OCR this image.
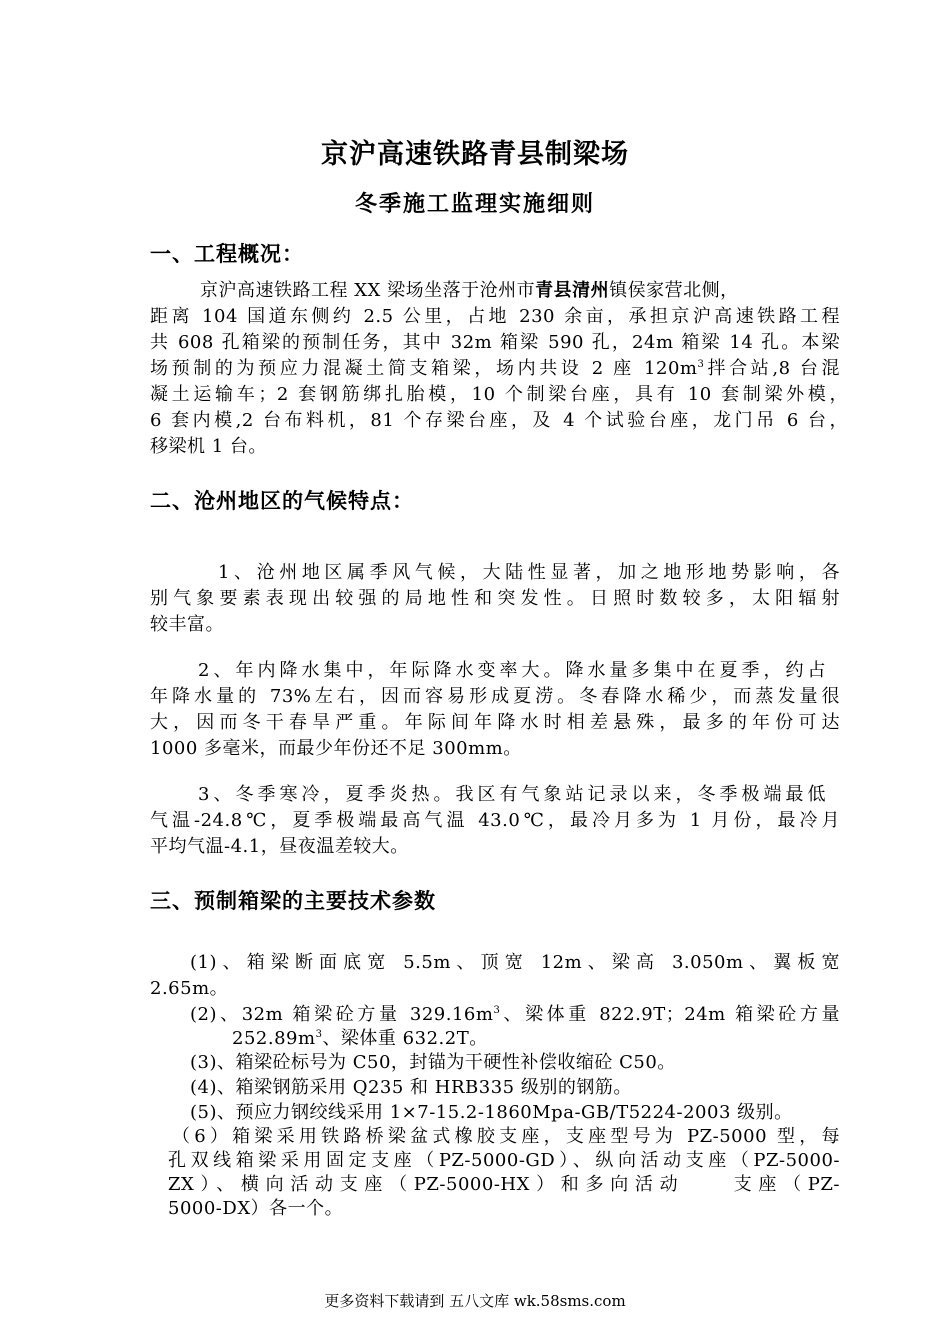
京沪高速铁路青县制梁场
冬季施工监理实施细则
一、工程概况：
京沪高速铁路工程 XX 梁场坐落于沧州市青县清州镇侯家营北侧，
距离 104 国道东侧约 2.5 公里，占地 230 余亩，承担京沪高速铁路工程
共 608 孔箱梁的预制任务，其中 32m 箱梁 590 孔，24m 箱梁 14 孔。本梁
场预制的为预应力混凝土简支箱梁，场内共设 2 座 $120m^3$拌合站,8 台混
凝土运输车；2 套钢筋绑扎胎模，10 个制梁台座，具有 10 套制梁外模，
6 套内模,2 台布料机，81 个存梁台座，及 4 个试验台座，龙门吊 6 台，
移梁机 1 台。
二、沧州地区的气候特点：
1、沧州地区属季风气候，大陆性显著，加之地形地势影响，各
别气象要素表现出较强的局地性和突发性。日照时数较多，太阳辐射
较丰富。
2、年内降水集中，年际降水变率大。降水量多集中在夏季，约占
年降水量的 73%左右，因而容易形成夏涝。冬春降水稀少，而蒸发量很
大，因而冬干春旱严重。年际间年降水时相差悬殊，最多的年份可达
1000 多毫米，而最少年份还不足 300mm。
3、冬季寒冷，夏季炎热。我区有气象站记录以来，冬季极端最低
气温-24.8℃，夏季极端最高气温 43.0℃，最冷月多为 1 月份，最冷月
平均气温-4.1，昼夜温差较大。
三、预制箱梁的主要技术参数
(1)、箱梁断面底宽 5.5m、顶宽 12m、梁高 3.050m、翼板宽
2.65m。
(2)、32m 箱梁砼方量 $329.16m^3$、梁体重 822.9T；24m 箱梁砼方量
$252.89m^3$、梁体重 632.2T。
(3)、箱梁砼标号为 C50，封锚为干硬性补偿收缩砼 C50。
(4)、箱梁钢筋采用 Q235 和 HRB335 级别的钢筋。
(5)、预应力钢绞线采用 1×7-15.2-1860Mpa-GB/T5224-2003 级别。
（6）箱梁采用铁路桥梁盆式橡胶支座，支座型号为 PZ-5000 型，每
孔双线箱梁采用固定支座（PZ-5000-GD）、纵向活动支座（PZ-5000-
ZX）、横向活动支座（PZ-5000-HX）和多向活动　　支座（PZ-
5000-DX）各一个。
更多资料下载请到 五八文库 wk.58sms.com
